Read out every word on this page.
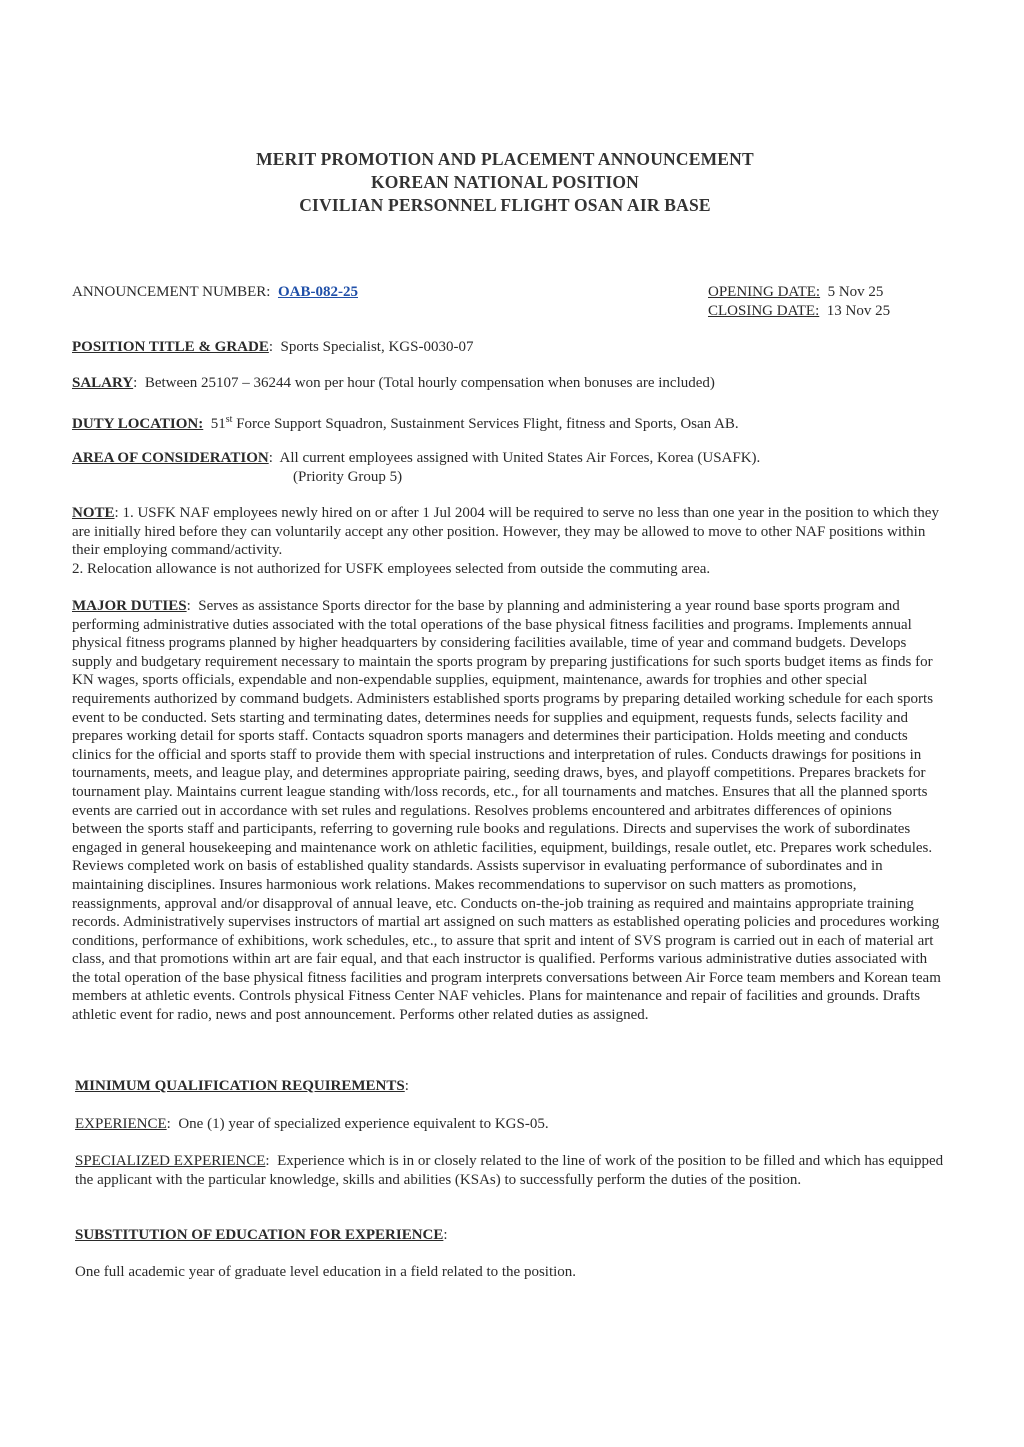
MERIT PROMOTION AND PLACEMENT ANNOUNCEMENT
KOREAN NATIONAL POSITION
CIVILIAN PERSONNEL FLIGHT OSAN AIR BASE
ANNOUNCEMENT NUMBER: OAB-082-25	OPENING DATE: 5 Nov 25
CLOSING DATE: 13 Nov 25
POSITION TITLE & GRADE:  Sports Specialist, KGS-0030-07
SALARY:  Between 25107 – 36244 won per hour (Total hourly compensation when bonuses are included)
DUTY LOCATION: 51st Force Support Squadron, Sustainment Services Flight, fitness and Sports, Osan AB.
AREA OF CONSIDERATION:  All current employees assigned with United States Air Forces, Korea (USAFK).
(Priority Group 5)

NOTE: 1. USFK NAF employees newly hired on or after 1 Jul 2004 will be required to serve no less than one year in the position to which they are initially hired before they can voluntarily accept any other position. However, they may be allowed to move to other NAF positions within their employing command/activity.

2. Relocation allowance is not authorized for USFK employees selected from outside the commuting area.

MAJOR DUTIES:  Serves as assistance Sports director for the base by planning and administering a year round base sports program and performing administrative duties associated with the total operations of the base physical fitness facilities and programs. Implements annual physical fitness programs planned by higher headquarters by considering facilities available, time of year and command budgets. Develops supply and budgetary requirement necessary to maintain the sports program by preparing justifications for such sports budget items as finds for KN wages, sports officials, expendable and non-expendable supplies, equipment, maintenance, awards for trophies and other special requirements authorized by command budgets. Administers established sports programs by preparing detailed working schedule for each sports event to be conducted. Sets starting and terminating dates, determines needs for supplies and equipment, requests funds, selects facility and prepares working detail for sports staff. Contacts squadron sports managers and determines their participation. Holds meeting and conducts clinics for the official and sports staff to provide them with special instructions and interpretation of rules. Conducts drawings for positions in tournaments, meets, and league play, and determines appropriate pairing, seeding draws, byes, and playoff competitions. Prepares brackets for tournament play. Maintains current league standing with/loss records, etc., for all tournaments and matches. Ensures that all the planned sports events are carried out in accordance with set rules and regulations. Resolves problems encountered and arbitrates differences of opinions between the sports staff and participants, referring to governing rule books and regulations. Directs and supervises the work of subordinates engaged in general housekeeping and maintenance work on athletic facilities, equipment, buildings, resale outlet, etc. Prepares work schedules. Reviews completed work on basis of established quality standards. Assists supervisor in evaluating performance of subordinates and in maintaining disciplines. Insures harmonious work relations. Makes recommendations to supervisor on such matters as promotions, reassignments, approval and/or disapproval of annual leave, etc. Conducts on-the-job training as required and maintains appropriate training records. Administratively supervises instructors of martial art assigned on such matters as established operating policies and procedures working conditions, performance of exhibitions, work schedules, etc., to assure that sprit and intent of SVS program is carried out in each of material art class, and that promotions within art are fair equal, and that each instructor is qualified. Performs various administrative duties associated with the total operation of the base physical fitness facilities and program interprets conversations between Air Force team members and Korean team members at athletic events. Controls physical Fitness Center NAF vehicles. Plans for maintenance and repair of facilities and grounds. Drafts athletic event for radio, news and post announcement. Performs other related duties as assigned.

MINIMUM QUALIFICATION REQUIREMENTS:
EXPERIENCE:  One (1) year of specialized experience equivalent to KGS-05.
SPECIALIZED EXPERIENCE:  Experience which is in or closely related to the line of work of the position to be filled and which has equipped the applicant with the particular knowledge, skills and abilities (KSAs) to successfully perform the duties of the position.
SUBSTITUTION OF EDUCATION FOR EXPERIENCE:
One full academic year of graduate level education in a field related to the position.
